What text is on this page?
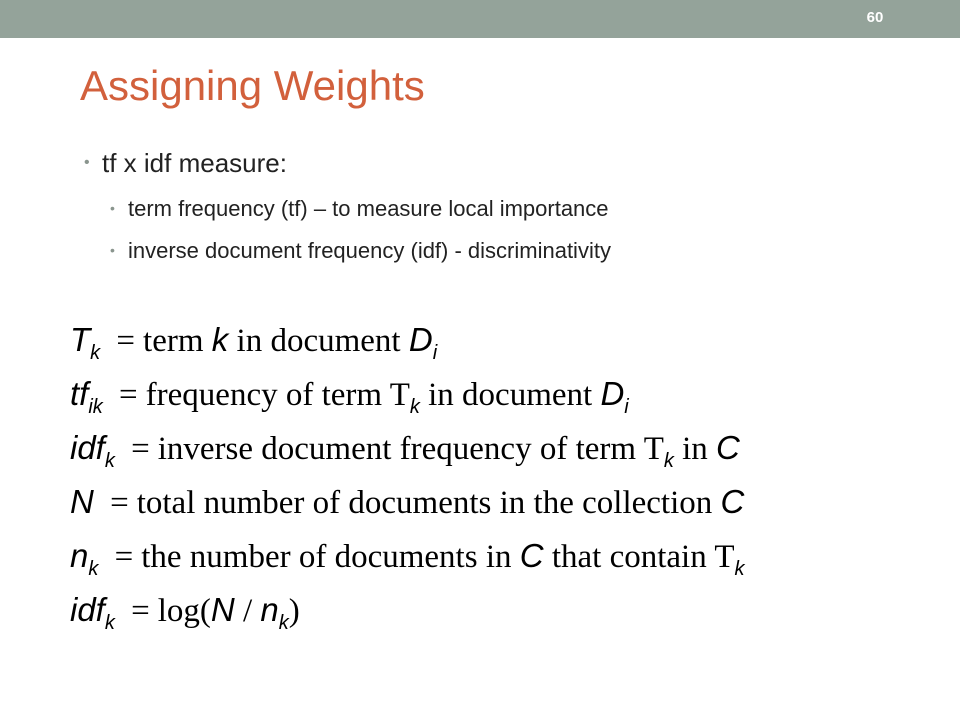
60
Assigning Weights
• tf x idf measure:
• term frequency (tf) – to measure local importance
• inverse document frequency (idf) - discriminativity
$T_k$ = term k in document $D_i$
$tf_{ik}$ = frequency of term $T_k$ in document $D_i$
idf$_k$ = inverse document frequency of term $T_k$ in C
N = total number of documents in the collection C
$n_k$ = the number of documents in C that contain $T_k$
$idf_k = \log(N / n_k)$
